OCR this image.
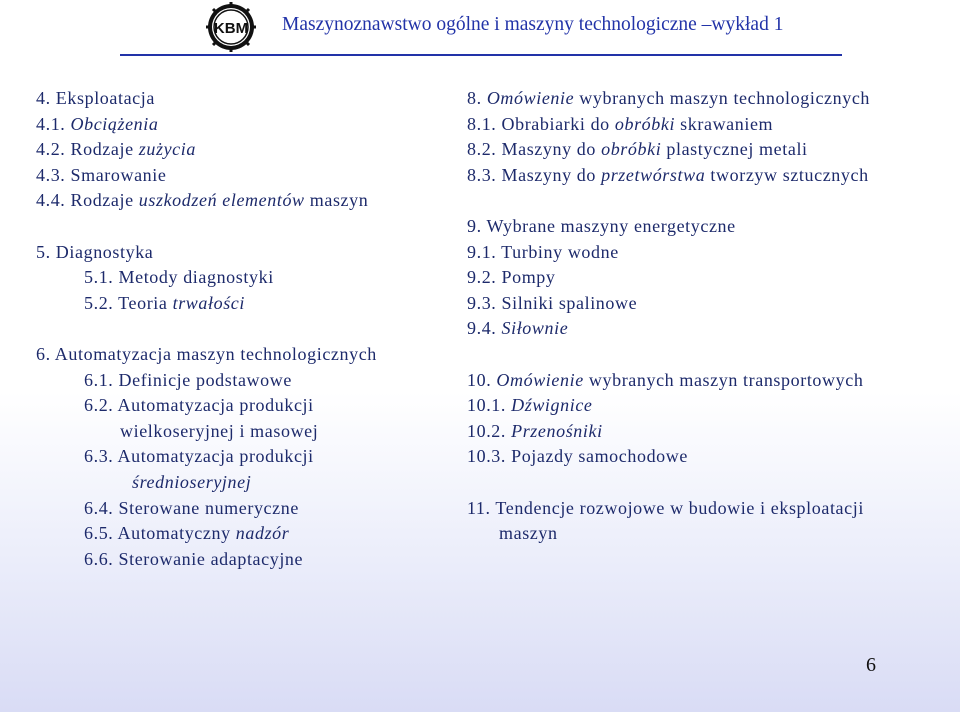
KBM Maszynoznawstwo ogólne i maszyny technologiczne –wykład 1
4. Eksploatacja
4.1. Obciążenia
4.2. Rodzaje zużycia
4.3. Smarowanie
4.4. Rodzaje uszkodzeń elementów maszyn
5. Diagnostyka
5.1. Metody diagnostyki
5.2. Teoria trwałości
6. Automatyzacja maszyn technologicznych
6.1. Definicje podstawowe
6.2. Automatyzacja produkcji
wielkoseryjnej i masowej
6.3. Automatyzacja produkcji
średnioseryjnej
6.4. Sterowane numeryczne
6.5. Automatyczny nadzór
6.6. Sterowanie adaptacyjne
8. Omówienie wybranych maszyn technologicznych
8.1. Obrabiarki do obróbki skrawaniem
8.2. Maszyny do obróbki plastycznej metali
8.3. Maszyny do przetwórstwa tworzyw sztucznych
9. Wybrane maszyny energetyczne
9.1. Turbiny wodne
9.2. Pompy
9.3. Silniki spalinowe
9.4. Siłownie
10. Omówienie wybranych maszyn transportowych
10.1. Dźwignice
10.2. Przenośniki
10.3. Pojazdy samochodowe
11. Tendencje rozwojowe w budowie i eksploatacji
maszyn
6
